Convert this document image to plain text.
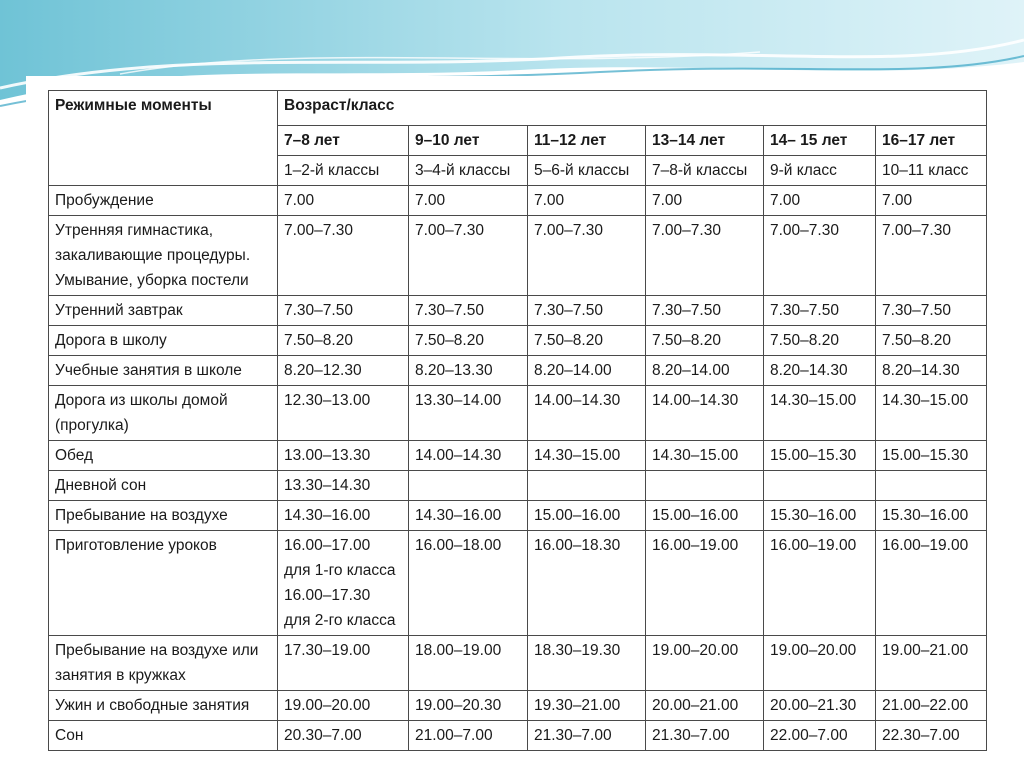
Режимные моменты	Возраст/класс					
	7–8 лет	9–10 лет	11–12 лет	13–14 лет	14– 15 лет	16–17 лет
	1–2-й классы	3–4-й классы	5–6-й классы	7–8-й классы	9-й класс	10–11 класс

Пробуждение	7.00	7.00	7.00	7.00	7.00	7.00

Утренняя гимнастика,
закаливающие процедуры.
Умывание, уборка постели	7.00–7.30	7.00–7.30	7.00–7.30	7.00–7.30	7.00–7.30	7.00–7.30

Утренний завтрак	7.30–7.50	7.30–7.50	7.30–7.50	7.30–7.50	7.30–7.50	7.30–7.50

Дорога в школу	7.50–8.20	7.50–8.20	7.50–8.20	7.50–8.20	7.50–8.20	7.50–8.20

Учебные занятия в школе	8.20–12.30	8.20–13.30	8.20–14.00	8.20–14.00	8.20–14.30	8.20–14.30

Дорога из школы домой
(прогулка)	12.30–13.00	13.30–14.00	14.00–14.30	14.00–14.30	14.30–15.00	14.30–15.00

Обед	13.00–13.30	14.00–14.30	14.30–15.00	14.30–15.00	15.00–15.30	15.00–15.30

Дневной сон	13.30–14.30					

Пребывание на воздухе	14.30–16.00	14.30–16.00	15.00–16.00	15.00–16.00	15.30–16.00	15.30–16.00

Приготовление уроков	16.00–17.00
для 1-го класса
16.00–17.30
для 2-го класса	16.00–18.00	16.00–18.30	16.00–19.00	16.00–19.00	16.00–19.00

Пребывание на воздухе или
занятия в кружках	17.30–19.00	18.00–19.00	18.30–19.30	19.00–20.00	19.00–20.00	19.00–21.00

Ужин и свободные занятия	19.00–20.00	19.00–20.30	19.30–21.00	20.00–21.00	20.00–21.30	21.00–22.00

Сон	20.30–7.00	21.00–7.00	21.30–7.00	21.30–7.00	22.00–7.00	22.30–7.00
